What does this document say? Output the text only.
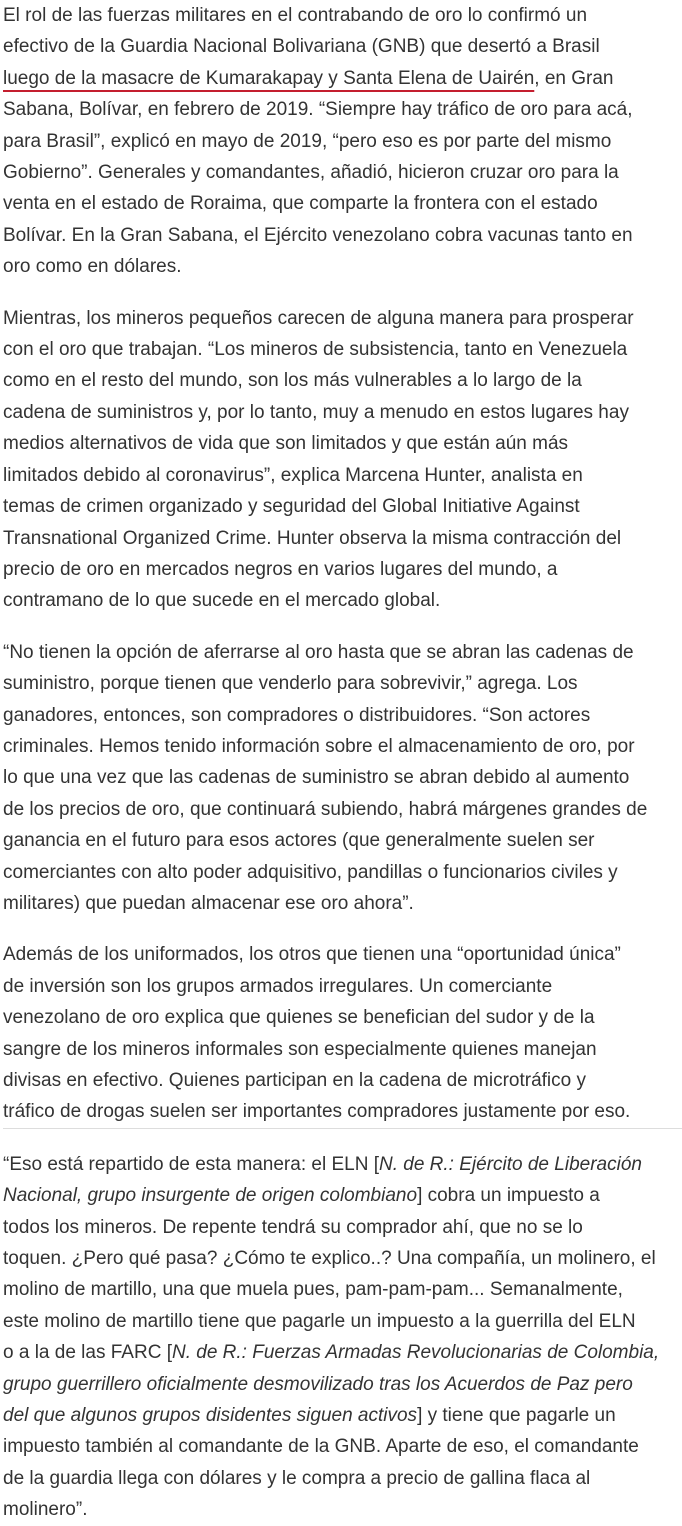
El rol de las fuerzas militares en el contrabando de oro lo confirmó un
efectivo de la Guardia Nacional Bolivariana (GNB) que desertó a Brasil
luego de la masacre de Kumarakapay y Santa Elena de Uairén, en Gran
Sabana, Bolívar, en febrero de 2019. “Siempre hay tráfico de oro para acá,
para Brasil”, explicó en mayo de 2019, “pero eso es por parte del mismo
Gobierno”. Generales y comandantes, añadió, hicieron cruzar oro para la
venta en el estado de Roraima, que comparte la frontera con el estado
Bolívar. En la Gran Sabana, el Ejército venezolano cobra vacunas tanto en
oro como en dólares.

Mientras, los mineros pequeños carecen de alguna manera para prosperar
con el oro que trabajan. “Los mineros de subsistencia, tanto en Venezuela
como en el resto del mundo, son los más vulnerables a lo largo de la
cadena de suministros y, por lo tanto, muy a menudo en estos lugares hay
medios alternativos de vida que son limitados y que están aún más
limitados debido al coronavirus”, explica Marcena Hunter, analista en
temas de crimen organizado y seguridad del Global Initiative Against
Transnational Organized Crime. Hunter observa la misma contracción del
precio de oro en mercados negros en varios lugares del mundo, a
contramano de lo que sucede en el mercado global.

“No tienen la opción de aferrarse al oro hasta que se abran las cadenas de
suministro, porque tienen que venderlo para sobrevivir,” agrega. Los
ganadores, entonces, son compradores o distribuidores. “Son actores
criminales. Hemos tenido información sobre el almacenamiento de oro, por
lo que una vez que las cadenas de suministro se abran debido al aumento
de los precios de oro, que continuará subiendo, habrá márgenes grandes de
ganancia en el futuro para esos actores (que generalmente suelen ser
comerciantes con alto poder adquisitivo, pandillas o funcionarios civiles y
militares) que puedan almacenar ese oro ahora”.

Además de los uniformados, los otros que tienen una “oportunidad única”
de inversión son los grupos armados irregulares. Un comerciante
venezolano de oro explica que quienes se benefician del sudor y de la
sangre de los mineros informales son especialmente quienes manejan
divisas en efectivo. Quienes participan en la cadena de microtráfico y
tráfico de drogas suelen ser importantes compradores justamente por eso.

“Eso está repartido de esta manera: el ELN [N. de R.: Ejército de Liberación
Nacional, grupo insurgente de origen colombiano] cobra un impuesto a
todos los mineros. De repente tendrá su comprador ahí, que no se lo
toquen. ¿Pero qué pasa? ¿Cómo te explico..? Una compañía, un molinero, el
molino de martillo, una que muela pues, pam-pam-pam... Semanalmente,
este molino de martillo tiene que pagarle un impuesto a la guerrilla del ELN
o a la de las FARC [N. de R.: Fuerzas Armadas Revolucionarias de Colombia,
grupo guerrillero oficialmente desmovilizado tras los Acuerdos de Paz pero
del que algunos grupos disidentes siguen activos] y tiene que pagarle un
impuesto también al comandante de la GNB. Aparte de eso, el comandante
de la guardia llega con dólares y le compra a precio de gallina flaca al
molinero”.
